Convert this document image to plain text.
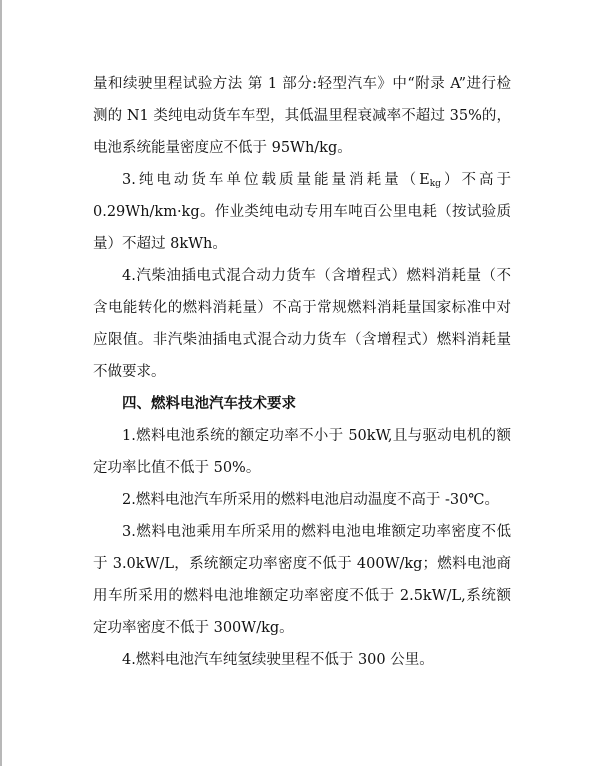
量和续驶里程试验方法 第 1 部分:轻型汽车》中“附录 A”进行检测的 N1 类纯电动货车车型，其低温里程衰减率不超过 35%的，电池系统能量密度应不低于 95Wh/kg。

3.纯电动货车单位载质量能量消耗量$(E_{kg})$不高于 0.29Wh/km·kg。作业类纯电动专用车吨百公里电耗（按试验质量）不超过 8kWh。

4.汽柴油插电式混合动力货车（含增程式）燃料消耗量（不含电能转化的燃料消耗量）不高于常规燃料消耗量国家标准中对应限值。非汽柴油插电式混合动力货车（含增程式）燃料消耗量不做要求。

四、燃料电池汽车技术要求

1.燃料电池系统的额定功率不小于 50kW,且与驱动电机的额定功率比值不低于 50%。

2.燃料电池汽车所采用的燃料电池启动温度不高于 -30℃。

3.燃料电池乘用车所采用的燃料电池电堆额定功率密度不低于 3.0kW/L，系统额定功率密度不低于 400W/kg；燃料电池商用车所采用的燃料电池堆额定功率密度不低于 2.5kW/L,系统额定功率密度不低于 300W/kg。

4.燃料电池汽车纯氢续驶里程不低于 300 公里。
